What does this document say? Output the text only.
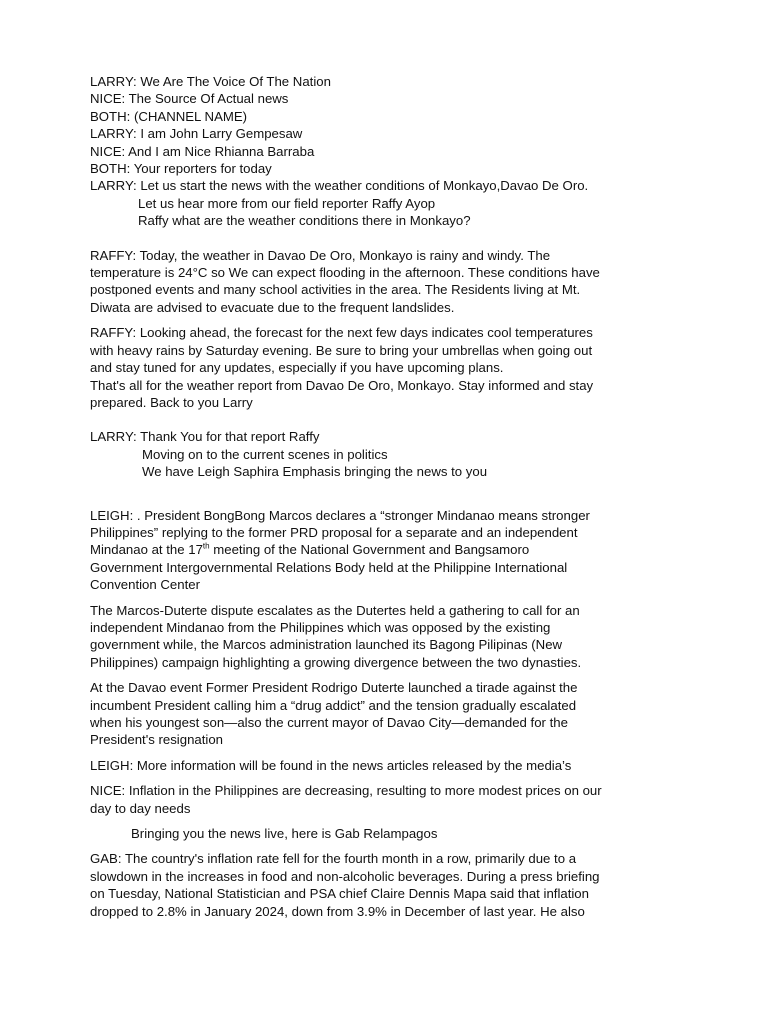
LARRY: We Are The Voice Of The Nation
NICE: The Source Of Actual news
BOTH: (CHANNEL NAME)
LARRY: I am John Larry Gempesaw
NICE: And I am Nice Rhianna Barraba
BOTH: Your reporters for today
LARRY: Let us start the news with the weather conditions of Monkayo,Davao De Oro.
Let us hear more from our field reporter Raffy Ayop
Raffy what are the weather conditions there in Monkayo?
RAFFY: Today, the weather in Davao De Oro, Monkayo is rainy and windy. The
temperature is 24°C so We can expect flooding in the afternoon. These conditions have
postponed events and many school activities in the area. The Residents living at Mt.
Diwata are advised to evacuate due to the frequent landslides.
RAFFY: Looking ahead, the forecast for the next few days indicates cool temperatures
with heavy rains by Saturday evening. Be sure to bring your umbrellas when going out
and stay tuned for any updates, especially if you have upcoming plans.
That's all for the weather report from Davao De Oro, Monkayo. Stay informed and stay
prepared. Back to you Larry
LARRY: Thank You for that report Raffy
Moving on to the current scenes in politics
We have Leigh Saphira Emphasis bringing the news to you
LEIGH: . President BongBong Marcos declares a “stronger Mindanao means stronger
Philippines” replying to the former PRD proposal for a separate and an independent
Mindanao at the 17th meeting of the National Government and Bangsamoro
Government Intergovernmental Relations Body held at the Philippine International
Convention Center
The Marcos-Duterte dispute escalates as the Dutertes held a gathering to call for an
independent Mindanao from the Philippines which was opposed by the existing
government while, the Marcos administration launched its Bagong Pilipinas (New
Philippines) campaign highlighting a growing divergence between the two dynasties.
At the Davao event Former President Rodrigo Duterte launched a tirade against the
incumbent President calling him a “drug addict” and the tension gradually escalated
when his youngest son—also the current mayor of Davao City—demanded for the
President's resignation
LEIGH: More information will be found in the news articles released by the media’s
NICE: Inflation in the Philippines are decreasing, resulting to more modest prices on our
day to day needs
Bringing you the news live, here is Gab Relampagos
GAB: The country's inflation rate fell for the fourth month in a row, primarily due to a
slowdown in the increases in food and non-alcoholic beverages. During a press briefing
on Tuesday, National Statistician and PSA chief Claire Dennis Mapa said that inflation
dropped to 2.8% in January 2024, down from 3.9% in December of last year. He also
